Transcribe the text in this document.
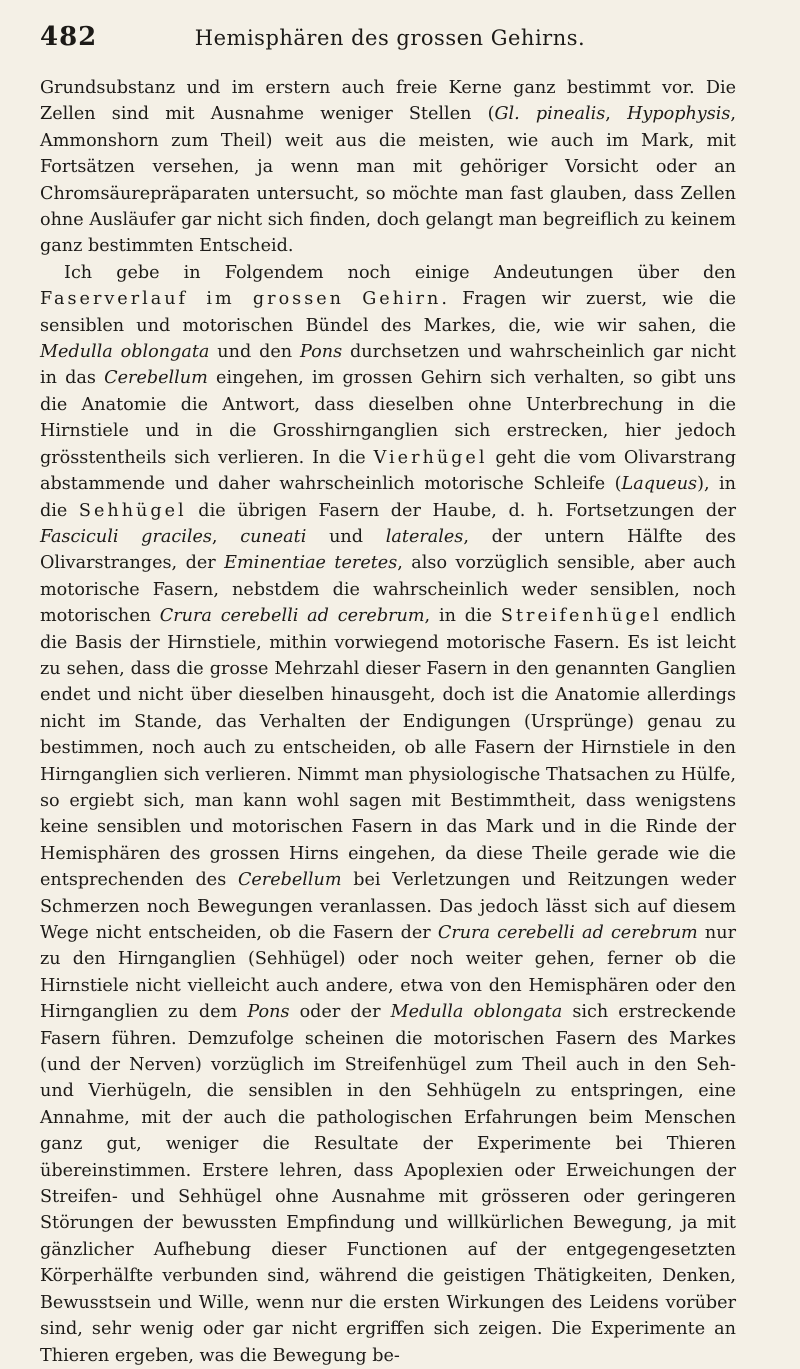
482	Hemisphären des grossen Gehirns.

Grundsubstanz und im erstern auch freie Kerne ganz bestimmt vor. Die Zellen sind mit Ausnahme weniger Stellen (Gl. pinealis, Hypophysis, Ammonshorn zum Theil) weit aus die meisten, wie auch im Mark, mit Fortsätzen versehen, ja wenn man mit gehöriger Vorsicht oder an Chromsäurepräparaten untersucht, so möchte man fast glauben, dass Zellen ohne Ausläufer gar nicht sich finden, doch gelangt man begreiflich zu keinem ganz bestimmten Entscheid.

Ich gebe in Folgendem noch einige Andeutungen über den Faserverlauf im grossen Gehirn. Fragen wir zuerst, wie die sensiblen und motorischen Bündel des Markes, die, wie wir sahen, die Medulla oblongata und den Pons durchsetzen und wahrscheinlich gar nicht in das Cerebellum eingehen, im grossen Gehirn sich verhalten, so gibt uns die Anatomie die Antwort, dass dieselben ohne Unterbrechung in die Hirnstiele und in die Grosshirnganglien sich erstrecken, hier jedoch grösstentheils sich verlieren. In die Vierhügel geht die vom Olivarstrang abstammende und daher wahrscheinlich motorische Schleife (Laqueus), in die Sehhügel die übrigen Fasern der Haube, d. h. Fortsetzungen der Fasciculi graciles, cuneati und laterales, der untern Hälfte des Olivarstranges, der Eminentiae teretes, also vorzüglich sensible, aber auch motorische Fasern, nebstdem die wahrscheinlich weder sensiblen, noch motorischen Crura cerebelli ad cerebrum, in die Streifenhügel endlich die Basis der Hirnstiele, mithin vorwiegend motorische Fasern. Es ist leicht zu sehen, dass die grosse Mehrzahl dieser Fasern in den genannten Ganglien endet und nicht über dieselben hinausgeht, doch ist die Anatomie allerdings nicht im Stande, das Verhalten der Endigungen (Ursprünge) genau zu bestimmen, noch auch zu entscheiden, ob alle Fasern der Hirnstiele in den Hirnganglien sich verlieren. Nimmt man physiologische Thatsachen zu Hülfe, so ergiebt sich, man kann wohl sagen mit Bestimmtheit, dass wenigstens keine sensiblen und motorischen Fasern in das Mark und in die Rinde der Hemisphären des grossen Hirns eingehen, da diese Theile gerade wie die entsprechenden des Cerebellum bei Verletzungen und Reitzungen weder Schmerzen noch Bewegungen veranlassen. Das jedoch lässt sich auf diesem Wege nicht entscheiden, ob die Fasern der Crura cerebelli ad cerebrum nur zu den Hirnganglien (Sehhügel) oder noch weiter gehen, ferner ob die Hirnstiele nicht vielleicht auch andere, etwa von den Hemisphären oder den Hirnganglien zu dem Pons oder der Medulla oblongata sich erstreckende Fasern führen. Demzufolge scheinen die motorischen Fasern des Markes (und der Nerven) vorzüglich im Streifenhügel zum Theil auch in den Seh- und Vierhügeln, die sensiblen in den Sehhügeln zu entspringen, eine Annahme, mit der auch die pathologischen Erfahrungen beim Menschen ganz gut, weniger die Resultate der Experimente bei Thieren übereinstimmen. Erstere lehren, dass Apoplexien oder Erweichungen der Streifen- und Sehhügel ohne Ausnahme mit grösseren oder geringeren Störungen der bewussten Empfindung und willkürlichen Bewegung, ja mit gänzlicher Aufhebung dieser Functionen auf der entgegengesetzten Körperhälfte verbunden sind, während die geistigen Thätigkeiten, Denken, Bewusstsein und Wille, wenn nur die ersten Wirkungen des Leidens vorüber sind, sehr wenig oder gar nicht ergriffen sich zeigen. Die Experimente an Thieren ergeben, was die Bewegung be-
